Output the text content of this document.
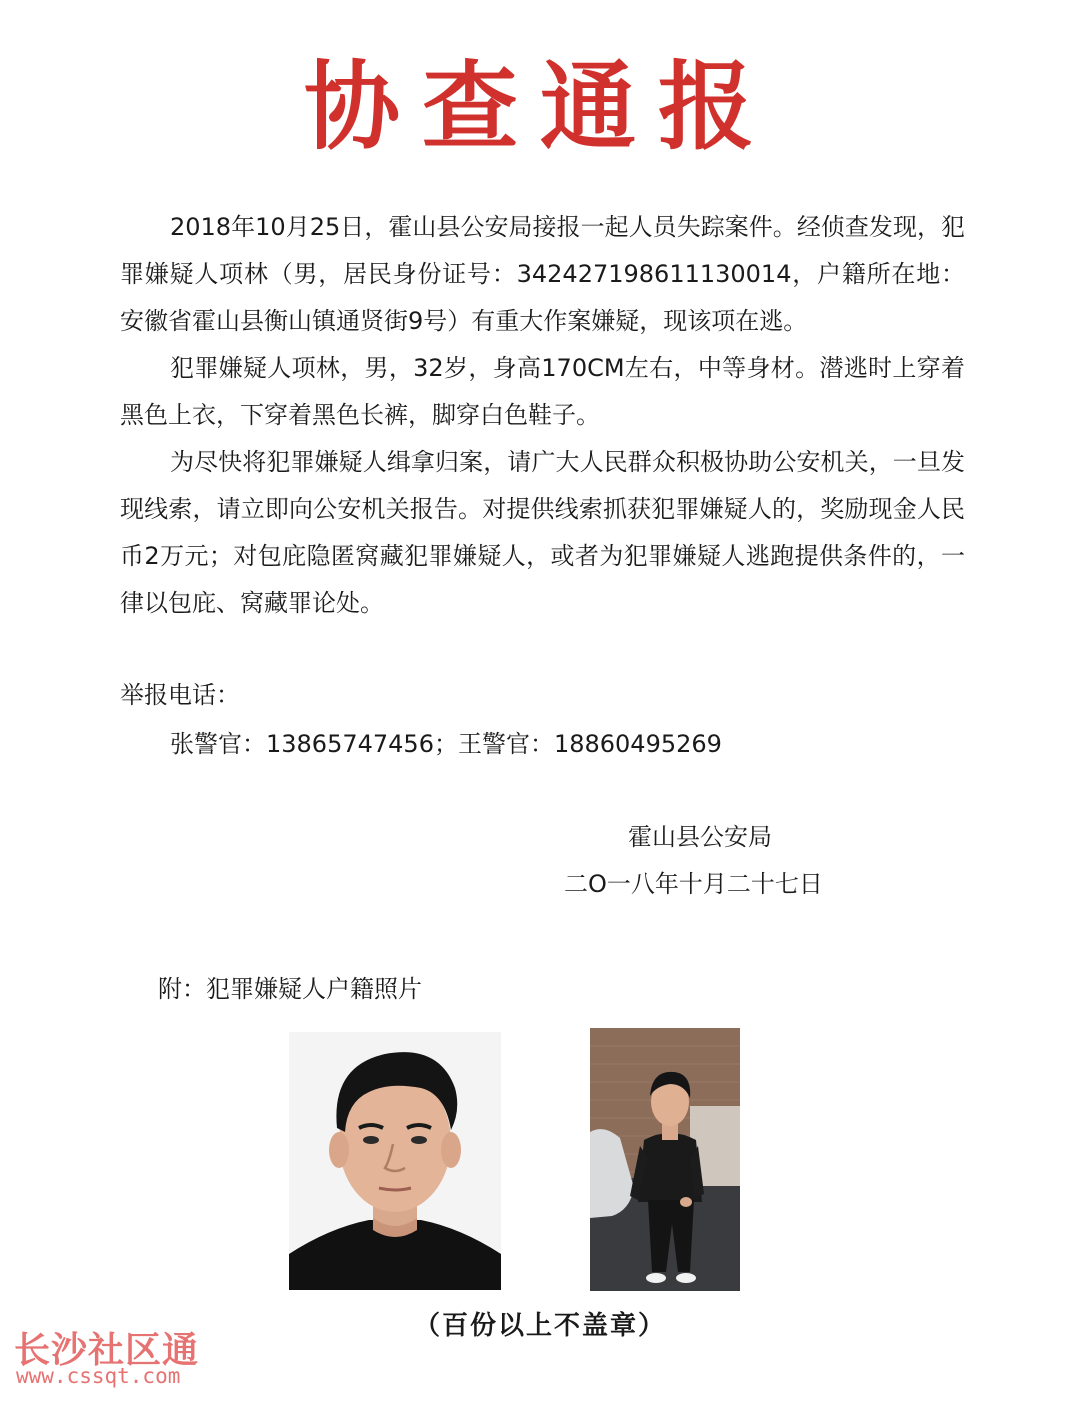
协查通报

2018年10月25日，霍山县公安局接报一起人员失踪案件。经侦查发现，犯罪嫌疑人项林（男，居民身份证号：342427198611130014，户籍所在地：安徽省霍山县衡山镇通贤街9号）有重大作案嫌疑，现该项在逃。

犯罪嫌疑人项林，男，32岁，身高170CM左右，中等身材。潜逃时上穿着黑色上衣，下穿着黑色长裤，脚穿白色鞋子。

为尽快将犯罪嫌疑人缉拿归案，请广大人民群众积极协助公安机关，一旦发现线索，请立即向公安机关报告。对提供线索抓获犯罪嫌疑人的，奖励现金人民币2万元；对包庇隐匿窝藏犯罪嫌疑人，或者为犯罪嫌疑人逃跑提供条件的，一律以包庇、窝藏罪论处。

举报电话：
张警官：13865747456；王警官：18860495269
霍山县公安局
二O一八年十月二十七日
附：犯罪嫌疑人户籍照片
（百份以上不盖章）
长沙社区通
www.cssqt.com
